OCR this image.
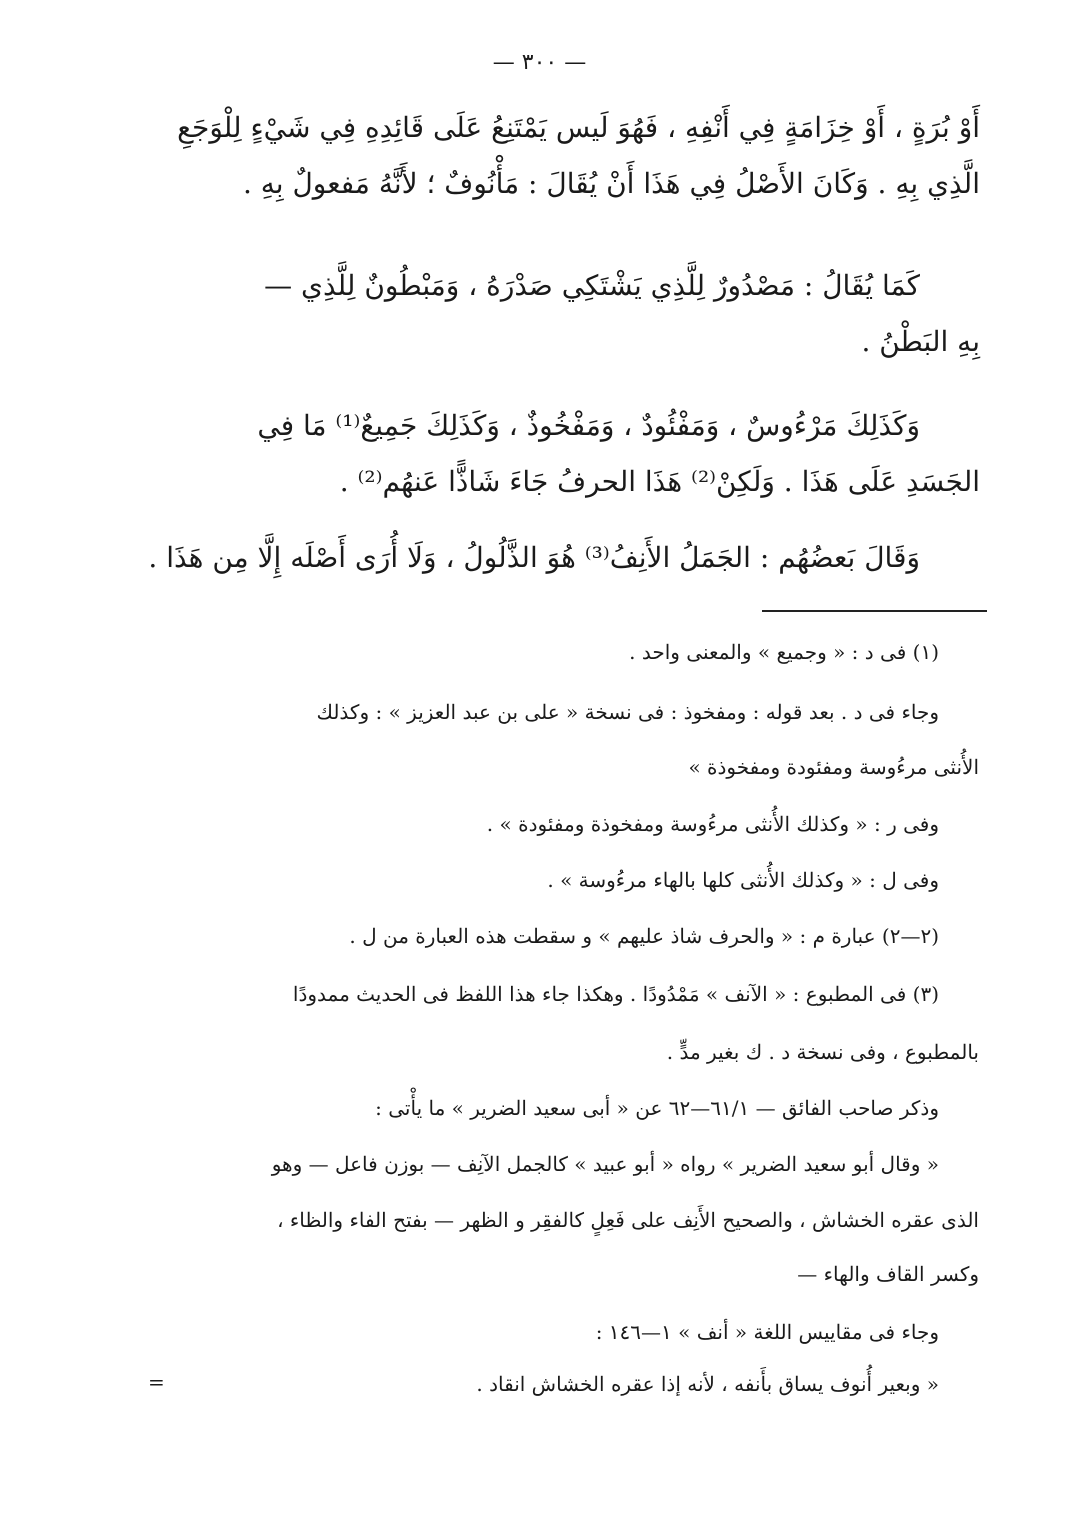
— ٣٠٠ —
أَوْ بُرَةٍ ، أَوْ خِزَامَةٍ فِي أَنْفِهِ ، فَهُوَ لَيس يَمْتَنِعُ عَلَى قَائِدِهِ فِي شَيْءٍ لِلْوَجَعِ
الَّذِي بِهِ . وَكَانَ الأَصْلُ فِي هَذَا أَنْ يُقَالَ : مَأْنُوفٌ ؛ لأَنَّهُ مَفعولٌ بِهِ .
كَمَا يُقَالُ : مَصْدُورٌ لِلَّذِي يَشْتَكِي صَدْرَهُ ، وَمَبْطُونٌ لِلَّذِي —
بِهِ البَطْنُ .
وَكَذَلِكَ مَرْءُوسٌ ، وَمَفْئُودٌ ، وَمَفْخُوذٌ ، وَكَذَلِكَ جَمِيعٌ⁽¹⁾ مَا فِي
الجَسَدِ عَلَى هَذَا . وَلَكِنْ⁽²⁾ هَذَا الحرفُ جَاءَ شَاذًّا عَنهُم⁽²⁾ .
وَقَالَ بَعضُهُم : الجَمَلُ الأَنِفُ⁽³⁾ هُوَ الذَّلُولُ ، وَلَا أُرَى أَصْلَه إِلَّا مِن هَذَا .
(١) فى د : « وجميع » والمعنى واحد .
وجاء فى د . بعد قوله : ومفخوذ : فى نسخة « على بن عبد العزيز » : وكذلك
الأُنثى مرءُوسة ومفئودة ومفخوذة »
وفى ر : « وكذلك الأُنثى مرءُوسة ومفخوذة ومفئودة » .
وفى ل : « وكذلك الأُنثى كلها بالهاء مرءُوسة » .
(٢—٢) عبارة م : « والحرف شاذ عليهم » و سقطت هذه العبارة من ل .
(٣) فى المطبوع : « الآنف » مَمْدُودًا . وهكذا جاء هذا اللفظ فى الحديث ممدودًا
بالمطبوع ، وفى نسخة د . ك بغير مدٍّ .
وذكر صاحب الفائق — ٦١/١—٦٢ عن « أبى سعيد الضرير » ما يأْتى :
« وقال أبو سعيد الضرير » رواه « أبو عبيد » كالجمل الآنِف — بوزن فاعل — وهو
الذى عقره الخشاش ، والصحيح الأَنِف على فَعِلٍ كالفقِر و الظهر — بفتح الفاء والظاء ،
وكسر القاف والهاء —
وجاء فى مقاييس اللغة « أنف » ١—١٤٦ :
« وبعير أُنوف يساق بأَنفه ، لأنه إذا عقره الخشاش انقاد .
=
